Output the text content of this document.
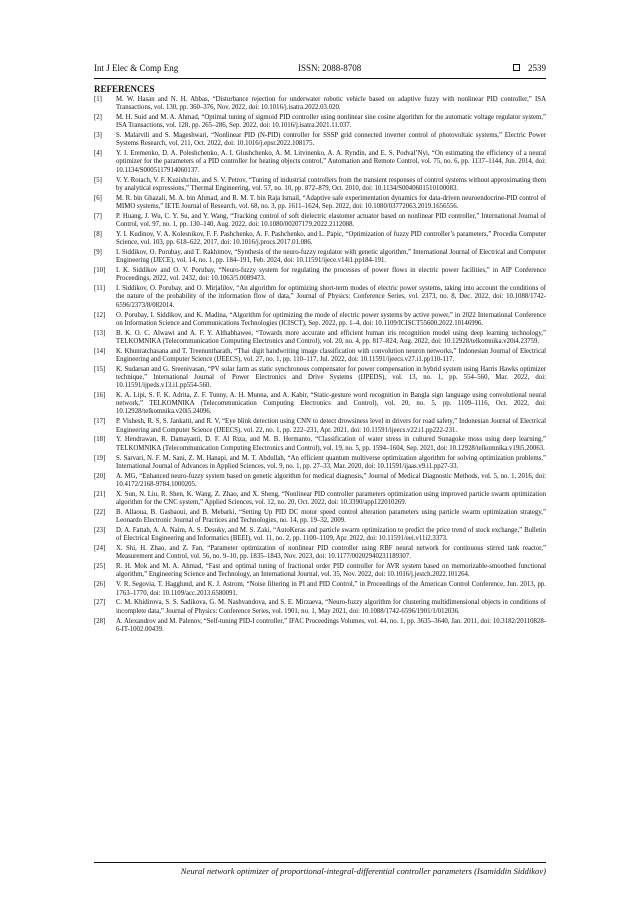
Int J Elec & Comp Eng	ISSN: 2088-8708	2539
REFERENCES
[1] M. W. Hasan and N. H. Abbas, “Disturbance rejection for underwater robotic vehicle based on adaptive fuzzy with nonlinear PID controller,” ISA Transactions, vol. 130, pp. 360–376, Nov. 2022, doi: 10.1016/j.isatra.2022.03.020.
[2] M. H. Suid and M. A. Ahmad, “Optimal tuning of sigmoid PID controller using nonlinear sine cosine algorithm for the automatic voltage regulator system,” ISA Transactions, vol. 128, pp. 265–286, Sep. 2022, doi: 10.1016/j.isatra.2021.11.037.
[3] S. Malarvili and S. Mageshwari, “Nonlinear PID (N-PID) controller for SSSP grid connected inverter control of photovoltaic systems,” Electric Power Systems Research, vol. 211, Oct. 2022, doi: 10.1016/j.epsr.2022.108175.
[4] Y. I. Eremenko, D. A. Poleshchenko, A. I. Glushchenko, A. M. Litvinenko, A. A. Ryndin, and E. S. Podval’Nyi, “On estimating the efficiency of a neural optimizer for the parameters of a PID controller for heating objects control,” Automation and Remote Control, vol. 75, no. 6, pp. 1137–1144, Jun. 2014, doi: 10.1134/S0005117914060137.
[5] V. Y. Rotach, V. F. Kuzishchin, and S. V. Petrov, “Tuning of industrial controllers from the transient responses of control systems without approximating them by analytical expressions,” Thermal Engineering, vol. 57, no. 10, pp. 872–879, Oct. 2010, doi: 10.1134/S0040601510100083.
[6] M. R. bin Ghazali, M. A. bin Ahmad, and R. M. T. bin Raja Ismail, “Adaptive safe experimentation dynamics for data-driven neuroendocrine-PID control of MIMO systems,” IETE Journal of Research, vol. 68, no. 3, pp. 1611–1624, Sep. 2022, doi: 10.1080/03772063.2019.1656556.
[7] P. Huang, J. Wu, C. Y. Su, and Y. Wang, “Tracking control of soft dielectric elastomer actuator based on nonlinear PID controller,” International Journal of Control, vol. 97, no. 1, pp. 130–140, Aug. 2022, doi: 10.1080/00207179.2022.2112088.
[8] Y. I. Kudinov, V. A. Kolesnikov, F. F. Pashchenko, A. F. Pashchenko, and L. Papic, “Optimization of fuzzy PID controller’s parameters,” Procedia Computer Science, vol. 103, pp. 618–622, 2017, doi: 10.1016/j.procs.2017.01.086.
[9] I. Siddikov, O. Porubay, and T. Rakhimov, “Synthesis of the neuro-fuzzy regulator with genetic algorithm,” International Journal of Electrical and Computer Engineering (IJECE), vol. 14, no. 1, pp. 184–191, Feb. 2024, doi: 10.11591/ijece.v14i1.pp184-191.
[10] I. K. Siddikov and O. V. Porubay, “Neuro-fuzzy system for regulating the processes of power flows in electric power facilities,” in AIP Conference Proceedings, 2022, vol. 2432, doi: 10.1063/5.0089473.
[11] I. Siddikov, O. Porubay, and O. Mirjalilov, “An algorithm for optimizing short-term modes of electric power systems, taking into account the conditions of the nature of the probability of the information flow of data,” Journal of Physics: Conference Series, vol. 2373, no. 8, Dec. 2022, doi: 10.1088/1742-6596/2373/8/082014.
[12] O. Porubay, I. Siddikov, and K. Madina, “Algorithm for optimizing the mode of electric power systems by active power,” in 2022 International Conference on Information Science and Communications Technologies (ICISCT), Sep. 2022, pp. 1–4, doi: 10.1109/ICISCT55600.2022.10146996.
[13] B. K. O. C. Alwawi and A. F. Y. Althabhawee, “Towards more accurate and efficient human iris recognition model using deep learning technology,” TELKOMNIKA (Telecommunication Computing Electronics and Control), vol. 20, no. 4, pp. 817–824, Aug. 2022, doi: 10.12928/telkomnika.v20i4.23759.
[14] K. Khunratchasana and T. Treenuntharath, “Thai digit handwriting image classification with convolution neuron networks,” Indonesian Journal of Electrical Engineering and Computer Science (IJEECS), vol. 27, no. 1, pp. 110–117, Jul. 2022, doi: 10.11591/ijeecs.v27.i1.pp110-117.
[15] K. Sudarsan and G. Sreenivasan, “PV solar farm as static synchronous compensator for power compensation in hybrid system using Harris Hawks optimizer technique,” International Journal of Power Electronics and Drive Systems (IJPEDS), vol. 13, no. 1, pp. 554–560, Mar. 2022, doi: 10.11591/ijpeds.v13.i1.pp554-560.
[16] K. A. Lipi, S. F. K. Adrita, Z. F. Tunny, A. H. Munna, and A. Kabir, “Static-gesture word recognition in Bangla sign language using convolutional neural network,” TELKOMNIKA (Telecommunication Computing Electronics and Control), vol. 20, no. 5, pp. 1109–1116, Oct. 2022, doi: 10.12928/telkomnika.v20i5.24096.
[17] P. Vishesh, R. S, S. Jankatti, and R. V, “Eye blink detection using CNN to detect drowsiness level in drivers for road safety,” Indonesian Journal of Electrical Engineering and Computer Science (IJEECS), vol. 22, no. 1, pp. 222–231, Apr. 2021, doi: 10.11591/ijeecs.v22.i1.pp222-231.
[18] Y. Hendrawan, R. Damayanti, D. F. Al Riza, and M. B. Hermanto, “Classification of water stress in cultured Sunagoke moss using deep learning,” TELKOMNIKA (Telecommunication Computing Electronics and Control), vol. 19, no. 5, pp. 1594–1604, Sep. 2021, doi: 10.12928/telkomnika.v19i5.20063.
[19] S. Sarvari, N. F. M. Sani, Z. M. Hanapi, and M. T. Abdullah, “An efficient quantum multiverse optimization algorithm for solving optimization problems,” International Journal of Advances in Applied Sciences, vol. 9, no. 1, pp. 27–33, Mar. 2020, doi: 10.11591/ijaas.v9.i1.pp27-33.
[20] A. MG, “Enhanced neuro-fuzzy system based on genetic algorithm for medical diagnosis,” Journal of Medical Diagnostic Methods, vol. 5, no. 1, 2016, doi: 10.4172/2168-9784.1000205.
[21] X. Sun, N. Liu, R. Shen, K. Wang, Z. Zhao, and X. Sheng, “Nonlinear PID controller parameters optimization using improved particle swarm optimization algorithm for the CNC system,” Applied Sciences, vol. 12, no. 20, Oct. 2022, doi: 10.3390/app122010269.
[22] B. Allaoua, B. Gasbaoui, and B. Mebarki, “Setting Up PID DC motor speed control alteration parameters using particle swarm optimization strategy,” Leonardo Electronic Journal of Practices and Technologies, no. 14, pp. 19–32, 2009.
[23] D. A. Fattah, A. A. Naim, A. S. Desuky, and M. S. Zaki, “AutoKeras and particle swarm optimization to predict the price trend of stock exchange,” Bulletin of Electrical Engineering and Informatics (BEEI), vol. 11, no. 2, pp. 1100–1109, Apr. 2022, doi: 10.11591/eei.v11i2.3373.
[24] X. Shi, H. Zhao, and Z. Fan, “Parameter optimization of nonlinear PID controller using RBF neural network for continuous stirred tank reactor,” Measurement and Control, vol. 56, no. 9–10, pp. 1835–1843, Nov. 2023, doi: 10.1177/00202940231189307.
[25] R. H. Mok and M. A. Ahmad, “Fast and optimal tuning of fractional order PID controller for AVR system based on memorizable-smoothed functional algorithm,” Engineering Science and Technology, an International Journal, vol. 35, Nov. 2022, doi: 10.1016/j.jestch.2022.101264.
[26] V. R. Segovia, T. Hagglund, and K. J. Astrom, “Noise filtering in PI and PID Control,” in Proceedings of the American Control Conference, Jun. 2013, pp. 1763–1770, doi: 10.1109/acc.2013.6580091.
[27] C. M. Khidirova, S. S. Sadikova, G. M. Nashvandova, and S. E. Mirzaeva, “Neuro-fuzzy algorithm for clustering multidimensional objects in conditions of incomplete data,” Journal of Physics: Conference Series, vol. 1901, no. 1, May 2021, doi: 10.1088/1742-6596/1901/1/012036.
[28] A. Alexandrov and M. Palenov, “Self-tuning PID-I controller,” IFAC Proceedings Volumes, vol. 44, no. 1, pp. 3635–3640, Jan. 2011, doi: 10.3182/20110828-6-IT-1002.00439.
Neural network optimizer of proportional-integral-differential controller parameters (Isamiddin Siddikov)
